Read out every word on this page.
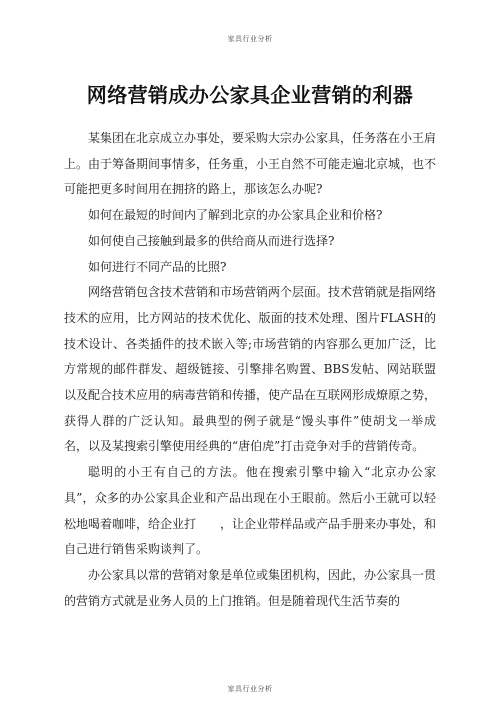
家具行业分析
网络营销成办公家具企业营销的利器

某集团在北京成立办事处，要采购大宗办公家具，任务落在小王肩上。由于筹备期间事情多，任务重，小王自然不可能走遍北京城，也不可能把更多时间用在拥挤的路上，那该怎么办呢?

如何在最短的时间内了解到北京的办公家具企业和价格?

如何使自己接触到最多的供给商从而进行选择?

如何进行不同产品的比照?

网络营销包含技术营销和市场营销两个层面。技术营销就是指网络技术的应用，比方网站的技术优化、版面的技术处理、图片FLASH的技术设计、各类插件的技术嵌入等;市场营销的内容那么更加广泛，比方常规的邮件群发、超级链接、引擎排名购置、BBS发帖、网站联盟以及配合技术应用的病毒营销和传播，使产品在互联网形成燎原之势，获得人群的广泛认知。最典型的例子就是“馒头事件”使胡戈一举成名，以及某搜索引擎使用经典的“唐伯虎”打击竞争对手的营销传奇。

聪明的小王有自己的方法。他在搜索引擎中输入“北京办公家具”，众多的办公家具企业和产品出现在小王眼前。然后小王就可以轻松地喝着咖啡，给企业打　　，让企业带样品或产品手册来办事处，和自己进行销售采购谈判了。

办公家具以常的营销对象是单位或集团机构，因此，办公家具一贯的营销方式就是业务人员的上门推销。但是随着现代生活节奏的

家具行业分析
